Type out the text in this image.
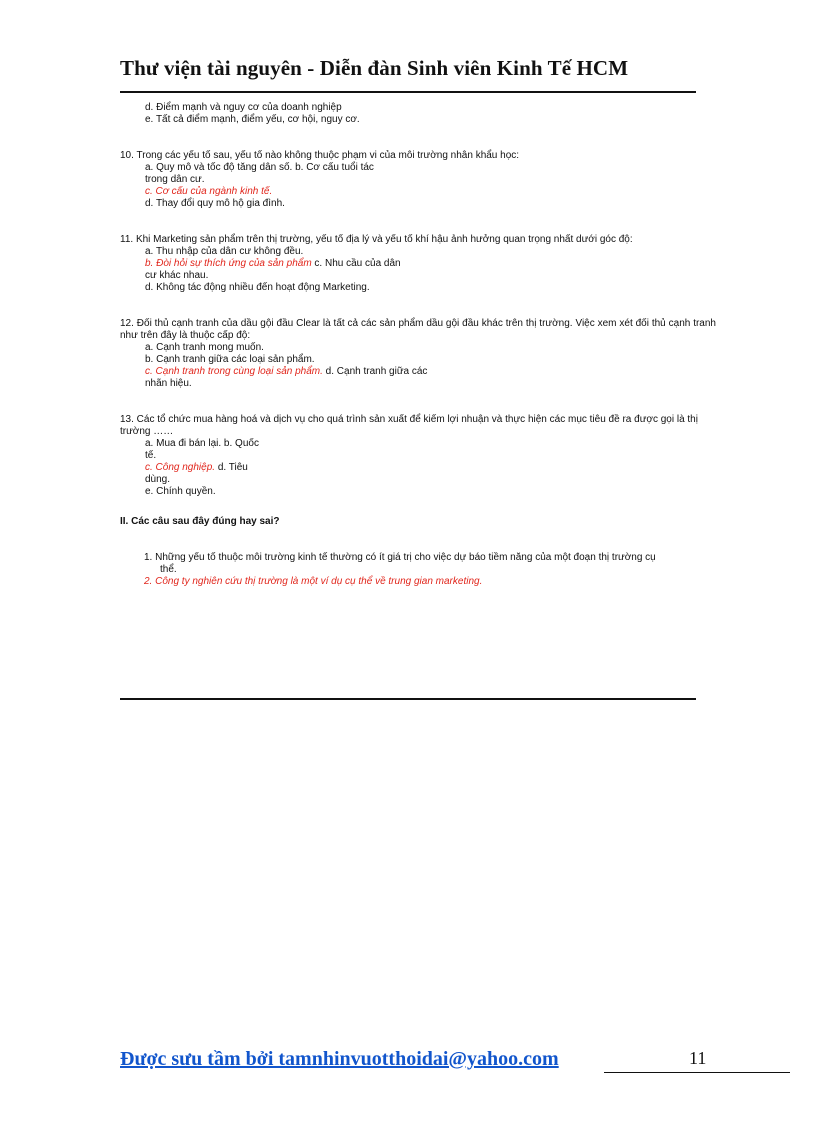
Thư viện tài nguyên - Diễn đàn Sinh viên Kinh Tế HCM
d. Điểm mạnh và nguy cơ của doanh nghiệp
e. Tất cả điểm mạnh, điểm yếu, cơ hội, nguy cơ.
10. Trong các yếu tố sau, yếu tố nào không thuộc phạm vi của môi trường nhân khẩu học:
a. Quy mô và tốc độ tăng dân số. b. Cơ cấu tuổi tác
trong dân cư.
c. Cơ cấu của ngành kinh tế.
d. Thay đổi quy mô hộ gia đình.
11. Khi Marketing sản phẩm trên thị trường, yếu tố địa lý và yếu tố khí hậu ảnh hưởng quan trọng nhất dưới góc độ:
a. Thu nhập của dân cư không đều.
b. Đòi hỏi sự thích ứng của sản phẩm c. Nhu cầu của dân
cư khác nhau.
d. Không tác động nhiều đến hoạt động Marketing.
12. Đối thủ cạnh tranh của dầu gội đầu Clear là tất cả các sản phẩm dầu gội đầu khác trên thị trường. Việc xem xét đối thủ cạnh tranh như trên đây là thuộc cấp độ:
a. Cạnh tranh mong muốn.
b. Cạnh tranh giữa các loại sản phẩm.
c. Cạnh tranh trong cùng loại sản phẩm. d. Cạnh tranh giữa các
nhãn hiệu.
13. Các tổ chức mua hàng hoá và dịch vụ cho quá trình sản xuất để kiếm lợi nhuận và thực hiện các mục tiêu đề ra được gọi là thị trường ……
a. Mua đi bán lại. b. Quốc
tế.
c. Công nghiệp. d. Tiêu
dùng.
e. Chính quyền.
II. Các câu sau đây đúng hay sai?
1. Những yếu tố thuộc môi trường kinh tế thường có ít giá trị cho việc dự báo tiềm năng của một đoạn thị trường cụ
thể.
2. Công ty nghiên cứu thị trường là một ví dụ cụ thể về trung gian marketing.
Được sưu tầm bởi tamnhinvuotthoidai@yahoo.com	11
